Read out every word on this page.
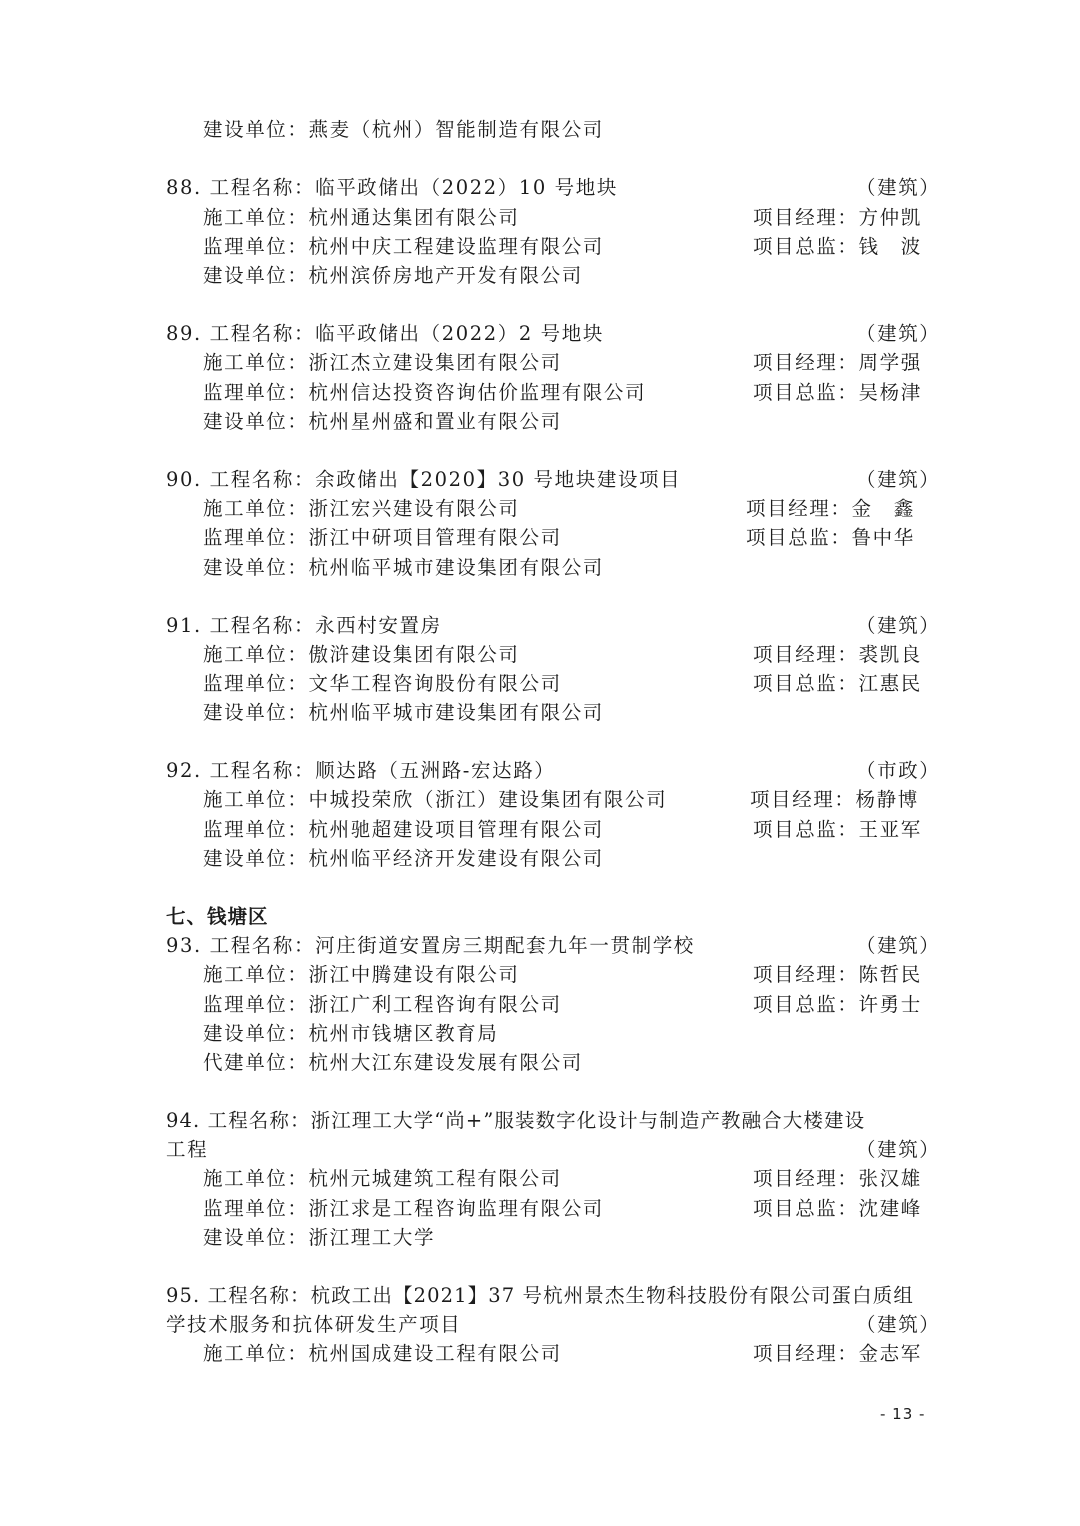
建设单位：燕麦（杭州）智能制造有限公司
88. 工程名称：临平政储出（2022）10 号地块	（建筑）
施工单位：杭州通达集团有限公司	项目经理：方仲凯
监理单位：杭州中庆工程建设监理有限公司	项目总监：钱　波
建设单位：杭州滨侨房地产开发有限公司
89. 工程名称：临平政储出（2022）2 号地块	（建筑）
施工单位：浙江杰立建设集团有限公司	项目经理：周学强
监理单位：杭州信达投资咨询估价监理有限公司	项目总监：吴杨津
建设单位：杭州星州盛和置业有限公司
90. 工程名称：余政储出【2020】30 号地块建设项目	（建筑）
施工单位：浙江宏兴建设有限公司	项目经理：金　鑫
监理单位：浙江中研项目管理有限公司	项目总监：鲁中华
建设单位：杭州临平城市建设集团有限公司
91. 工程名称：永西村安置房	（建筑）
施工单位：傲浒建设集团有限公司	项目经理：裘凯良
监理单位：文华工程咨询股份有限公司	项目总监：江惠民
建设单位：杭州临平城市建设集团有限公司
92. 工程名称：顺达路（五洲路-宏达路）	（市政）
施工单位：中城投荣欣（浙江）建设集团有限公司	项目经理：杨静博
监理单位：杭州驰超建设项目管理有限公司	项目总监：王亚军
建设单位：杭州临平经济开发建设有限公司
七、钱塘区
93. 工程名称：河庄街道安置房三期配套九年一贯制学校	（建筑）
施工单位：浙江中腾建设有限公司	项目经理：陈哲民
监理单位：浙江广利工程咨询有限公司	项目总监：许勇士
建设单位：杭州市钱塘区教育局
代建单位：杭州大江东建设发展有限公司
94. 工程名称：浙江理工大学“尚+”服装数字化设计与制造产教融合大楼建设
工程	（建筑）
施工单位：杭州元城建筑工程有限公司	项目经理：张汉雄
监理单位：浙江求是工程咨询监理有限公司	项目总监：沈建峰
建设单位：浙江理工大学
95. 工程名称：杭政工出【2021】37 号杭州景杰生物科技股份有限公司蛋白质组
学技术服务和抗体研发生产项目	（建筑）
施工单位：杭州国成建设工程有限公司	项目经理：金志军
- 13 -
